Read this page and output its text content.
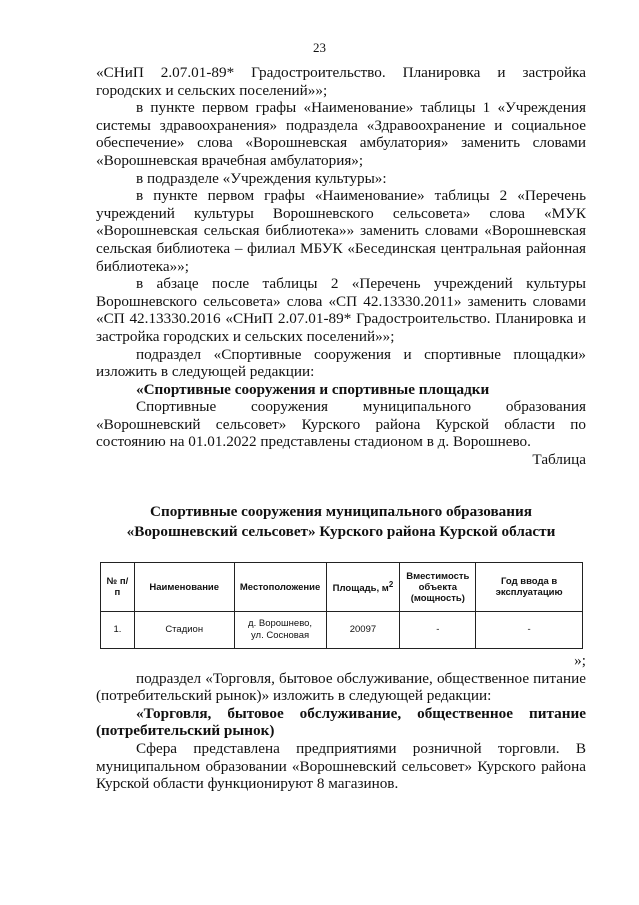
23

«СНиП 2.07.01-89* Градостроительство. Планировка и застройка городских и сельских поселений»»;

в пункте первом графы «Наименование» таблицы 1 «Учреждения системы здравоохранения» подраздела «Здравоохранение и социальное обеспечение» слова «Ворошневская амбулатория» заменить словами «Ворошневская врачебная амбулатория»;

в подразделе «Учреждения культуры»:

в пункте первом графы «Наименование» таблицы 2 «Перечень учреждений культуры Ворошневского сельсовета» слова «МУК «Ворошневская сельская библиотека»» заменить словами «Ворошневская сельская библиотека – филиал МБУК «Бесединская центральная районная библиотека»»;

в абзаце после таблицы 2 «Перечень учреждений культуры Ворошневского сельсовета» слова «СП 42.13330.2011» заменить словами «СП 42.13330.2016 «СНиП 2.07.01-89* Градостроительство. Планировка и застройка городских и сельских поселений»»;

подраздел «Спортивные сооружения и спортивные площадки» изложить в следующей редакции:

«Спортивные сооружения и спортивные площадки

Спортивные сооружения муниципального образования «Ворошневский сельсовет» Курского района Курской области по состоянию на 01.01.2022 представлены стадионом в д. Ворошнево.

Таблица

Спортивные сооружения муниципального образования
«Ворошневский сельсовет» Курского района Курской области
№ п/п	Наименование	Местоположение	Площадь, $м^2$	Вместимость объекта (мощность)	Год ввода в эксплуатацию
1.	Стадион	д. Ворошнево,
ул. Сосновая	20097	-	-

»;

подраздел «Торговля, бытовое обслуживание, общественное питание (потребительский рынок)» изложить в следующей редакции:

«Торговля, бытовое обслуживание, общественное питание (потребительский рынок)

Сфера представлена предприятиями розничной торговли. В муниципальном образовании «Ворошневский сельсовет» Курского района Курской области функционируют 8 магазинов.
